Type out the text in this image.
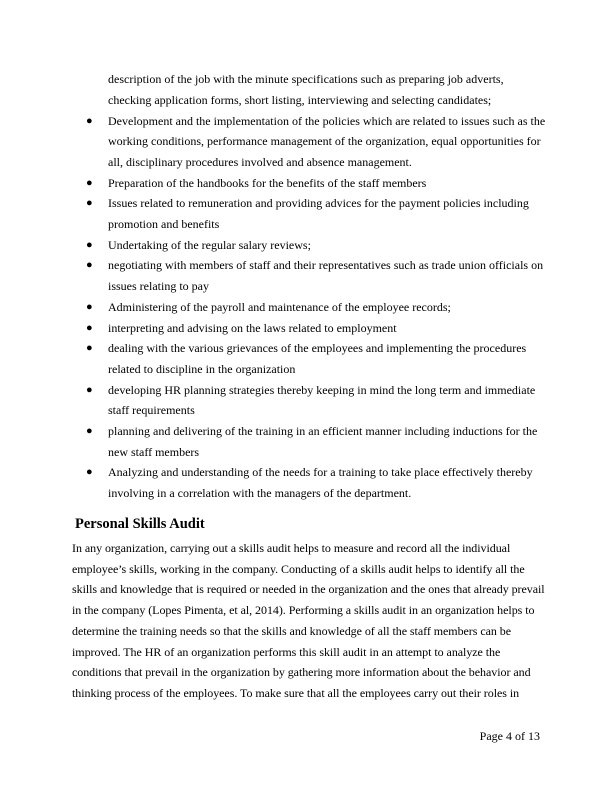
description of the job with the minute specifications such as preparing job adverts, checking application forms, short listing, interviewing and selecting candidates;

● Development and the implementation of the policies which are related to issues such as the working conditions, performance management of the organization, equal opportunities for all, disciplinary procedures involved and absence management.
● Preparation of the handbooks for the benefits of the staff members
● Issues related to remuneration and providing advices for the payment policies including promotion and benefits
● Undertaking of the regular salary reviews;
● negotiating with members of staff and their representatives such as trade union officials on issues relating to pay
● Administering of the payroll and maintenance of the employee records;
● interpreting and advising on the laws related to employment
● dealing with the various grievances of the employees and implementing the procedures related to discipline in the organization
● developing HR planning strategies thereby keeping in mind the long term and immediate staff requirements
● planning and delivering of the training in an efficient manner including inductions for the new staff members
● Analyzing and understanding of the needs for a training to take place effectively thereby involving in a correlation with the managers of the department.
Personal Skills Audit

In any organization, carrying out a skills audit helps to measure and record all the individual employee’s skills, working in the company. Conducting of a skills audit helps to identify all the skills and knowledge that is required or needed in the organization and the ones that already prevail in the company (Lopes Pimenta, et al, 2014). Performing a skills audit in an organization helps to determine the training needs so that the skills and knowledge of all the staff members can be improved. The HR of an organization performs this skill audit in an attempt to analyze the conditions that prevail in the organization by gathering more information about the behavior and thinking process of the employees. To make sure that all the employees carry out their roles in

Page 4 of 13
